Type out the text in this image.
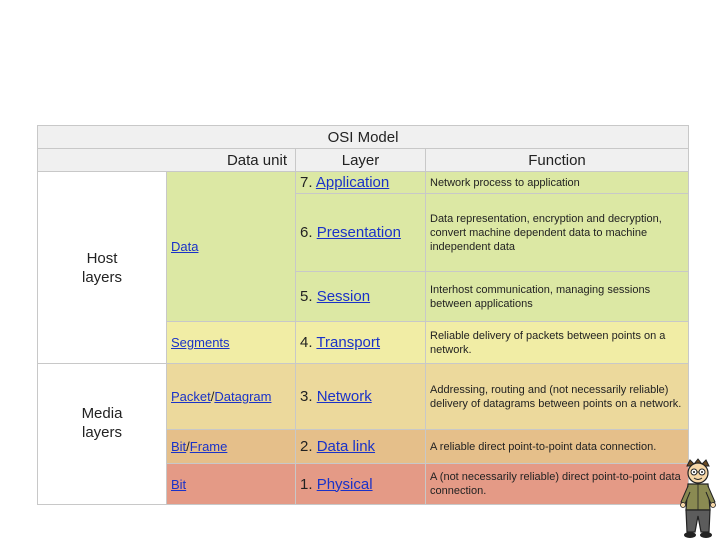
OSI Model			
Data unit		Layer	Function

Host layers	Data	7. Application	Network process to application
		6. Presentation	Data representation, encryption and decryption, convert machine dependent data to machine independent data
		5. Session	Interhost communication, managing sessions between applications
	Segments	4. Transport	Reliable delivery of packets between points on a network.

Media layers	Packet/Datagram	3. Network	Addressing, routing and (not necessarily reliable) delivery of datagrams between points on a network.
	Bit/Frame	2. Data link	A reliable direct point-to-point data connection.
	Bit	1. Physical	A (not necessarily reliable) direct point-to-point data connection.
